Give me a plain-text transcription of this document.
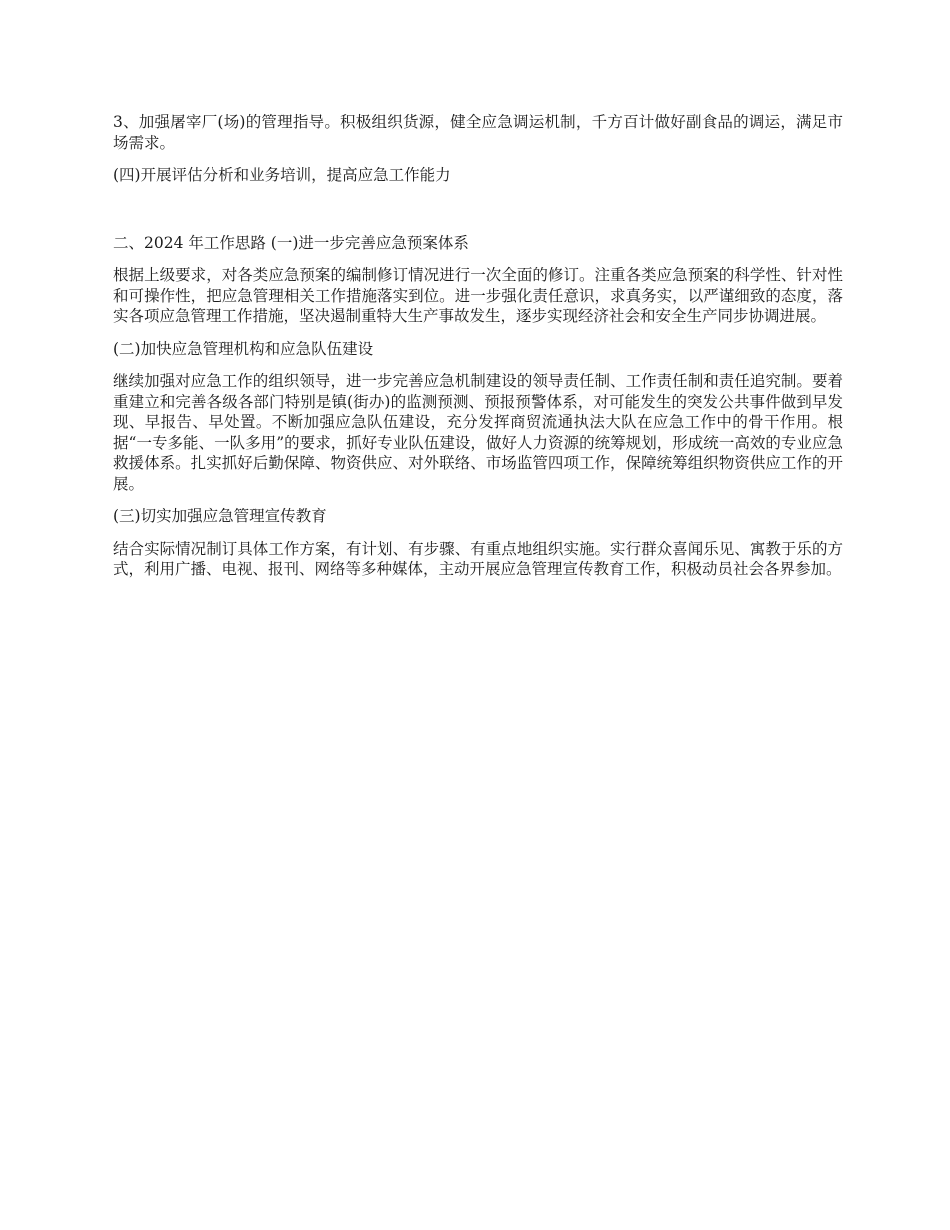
3、加强屠宰厂(场)的管理指导。积极组织货源，健全应急调运机制，千方百计做好副食品的调运，满足市场需求。

(四)开展评估分析和业务培训，提高应急工作能力

二、2024 年工作思路 (一)进一步完善应急预案体系

根据上级要求，对各类应急预案的编制修订情况进行一次全面的修订。注重各类应急预案的科学性、针对性和可操作性，把应急管理相关工作措施落实到位。进一步强化责任意识，求真务实，以严谨细致的态度，落实各项应急管理工作措施，坚决遏制重特大生产事故发生，逐步实现经济社会和安全生产同步协调进展。

(二)加快应急管理机构和应急队伍建设

继续加强对应急工作的组织领导，进一步完善应急机制建设的领导责任制、工作责任制和责任追究制。要着重建立和完善各级各部门特别是镇(街办)的监测预测、预报预警体系，对可能发生的突发公共事件做到早发现、早报告、早处置。不断加强应急队伍建设，充分发挥商贸流通执法大队在应急工作中的骨干作用。根据“一专多能、一队多用”的要求，抓好专业队伍建设，做好人力资源的统筹规划，形成统一高效的专业应急救援体系。扎实抓好后勤保障、物资供应、对外联络、市场监管四项工作，保障统筹组织物资供应工作的开展。

(三)切实加强应急管理宣传教育

结合实际情况制订具体工作方案，有计划、有步骤、有重点地组织实施。实行群众喜闻乐见、寓教于乐的方式，利用广播、电视、报刊、网络等多种媒体，主动开展应急管理宣传教育工作，积极动员社会各界参加。
